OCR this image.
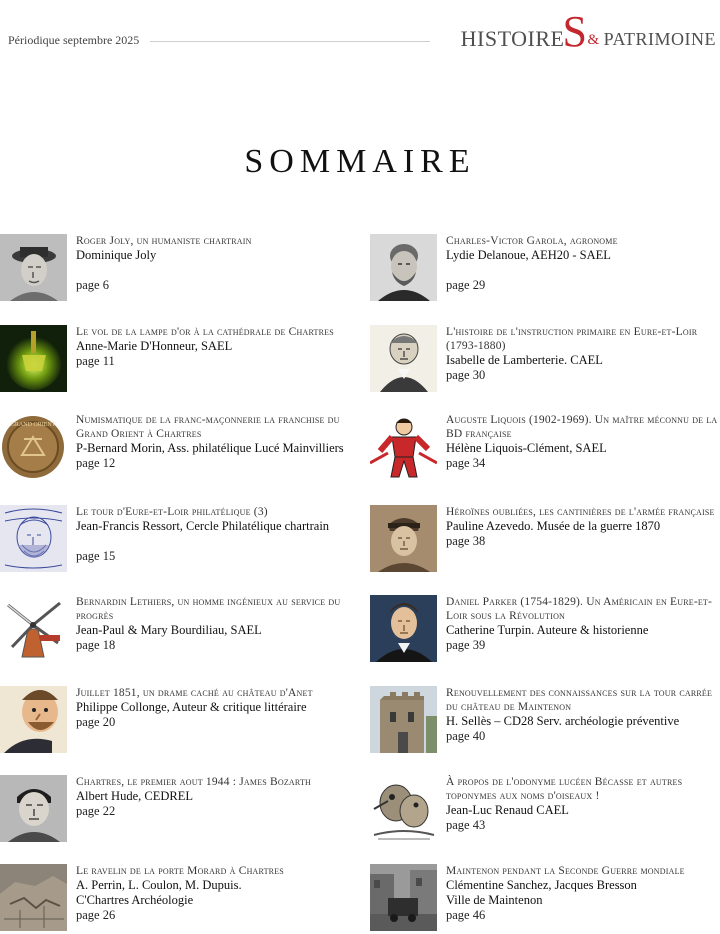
Périodique septembre 2025	HISTOIRE
S & PATRIMOINE
SOMMAIRE
Roger Joly, un humaniste chartrain
Dominique Joly
page 6
Le vol de la lampe d'or à la cathédrale de Chartres
Anne-Marie D'Honneur, SAEL
page 11
GRAND ORIENT Numismatique de la franc-maçonnerie la franchise du Grand Orient à Chartres
P-Bernard Morin, Ass. philatélique Lucé Mainvilliers
page 12
Le tour d'Eure-et-Loir philatélique (3)
Jean-Francis Ressort, Cercle Philatélique chartrain
page 15
Bernardin Lethiers, un homme ingénieux au service du progrès
Jean-Paul & Mary Bourdiliau, SAEL
page 18
Juillet 1851, un drame caché au château d'Anet
Philippe Collonge, Auteur & critique littéraire
page 20
Chartres, le premier aout 1944 : James Bozarth
Albert Hude, CEDREL
page 22
Le ravelin de la porte Morard à Chartres
A. Perrin, L. Coulon, M. Dupuis.
C'Chartres Archéologie
page 26
Charles-Victor Garola, agronome
Lydie Delanoue, AEH20 - SAEL
page 29
L'histoire de l'instruction primaire en Eure-et-Loir (1793-1880)
Isabelle de Lamberterie. CAEL
page 30
Auguste Liquois (1902-1969). Un maître méconnu de la BD française
Hélène Liquois-Clément, SAEL
page 34
Héroïnes oubliées, les cantinières de l'armée française
Pauline Azevedo. Musée de la guerre 1870
page 38
Daniel Parker (1754-1829). Un Américain en Eure-et-Loir sous la Révolution
Catherine Turpin. Auteure & historienne
page 39
Renouvellement des connaissances sur la tour carrée du château de Maintenon
H. Sellès – CD28 Serv. archéologie préventive
page 40
À propos de l'odonyme lucéen Bécasse et autres toponymes aux noms d'oiseaux !
Jean-Luc Renaud CAEL
page 43
Maintenon pendant la Seconde Guerre mondiale
Clémentine Sanchez, Jacques Bresson
Ville de Maintenon
page 46
